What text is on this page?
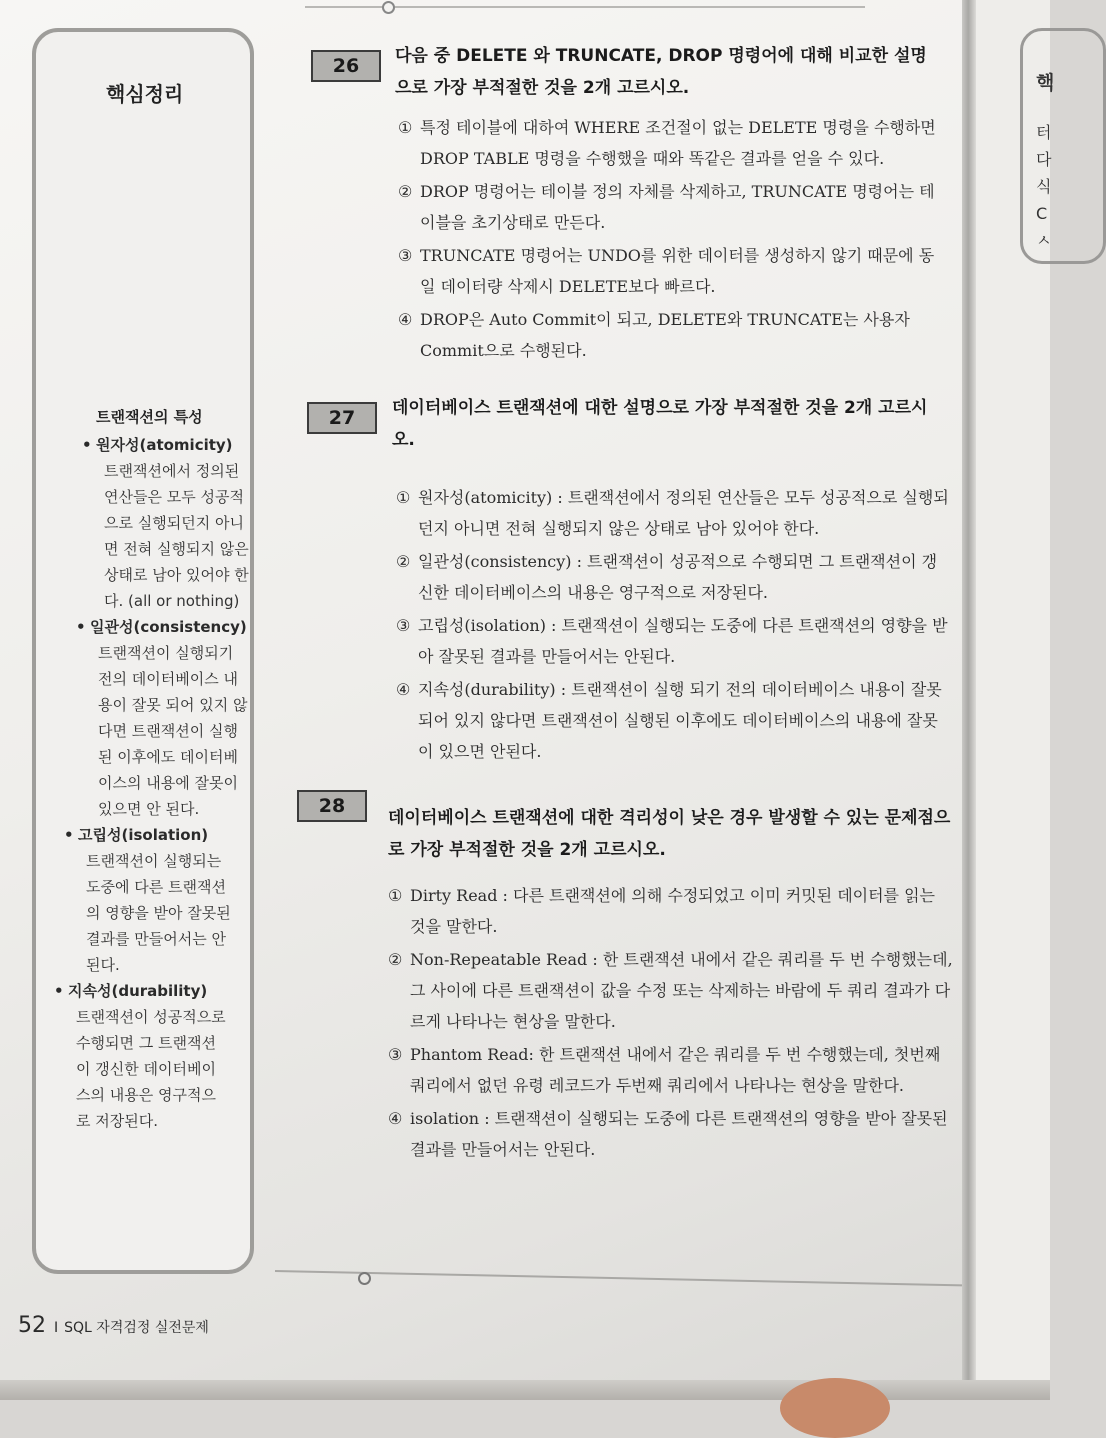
핵심정리
트랜잭션의 특성
• 원자성(atomicity)
트랜잭션에서 정의된 연산들은 모두 성공적으로 실행되던지 아니면 전혀 실행되지 않은 상태로 남아 있어야 한다. (all or nothing)
• 일관성(consistency)
트랜잭션이 실행되기 전의 데이터베이스 내용이 잘못 되어 있지 않다면 트랜잭션이 실행된 이후에도 데이터베이스의 내용에 잘못이 있으면 안 된다.
• 고립성(isolation)
트랜잭션이 실행되는 도중에 다른 트랜잭션의 영향을 받아 잘못된 결과를 만들어서는 안 된다.
• 지속성(durability)
트랜잭션이 성공적으로 수행되면 그 트랜잭션이 갱신한 데이터베이스의 내용은 영구적으로 저장된다.
26	다음 중 DELETE 와 TRUNCATE, DROP 명령어에 대해 비교한 설명으로 가장 부적절한 것을 2개 고르시오.
① 특정 테이블에 대하여 WHERE 조건절이 없는 DELETE 명령을 수행하면 DROP TABLE 명령을 수행했을 때와 똑같은 결과를 얻을 수 있다.
② DROP 명령어는 테이블 정의 자체를 삭제하고, TRUNCATE 명령어는 테이블을 초기상태로 만든다.
③ TRUNCATE 명령어는 UNDO를 위한 데이터를 생성하지 않기 때문에 동일 데이터량 삭제시 DELETE보다 빠르다.
④ DROP은 Auto Commit이 되고, DELETE와 TRUNCATE는 사용자 Commit으로 수행된다.
27	데이터베이스 트랜잭션에 대한 설명으로 가장 부적절한 것을 2개 고르시오.
① 원자성(atomicity) : 트랜잭션에서 정의된 연산들은 모두 성공적으로 실행되던지 아니면 전혀 실행되지 않은 상태로 남아 있어야 한다.
② 일관성(consistency) : 트랜잭션이 성공적으로 수행되면 그 트랜잭션이 갱신한 데이터베이스의 내용은 영구적으로 저장된다.
③ 고립성(isolation) : 트랜잭션이 실행되는 도중에 다른 트랜잭션의 영향을 받아 잘못된 결과를 만들어서는 안된다.
④ 지속성(durability) : 트랜잭션이 실행 되기 전의 데이터베이스 내용이 잘못 되어 있지 않다면 트랜잭션이 실행된 이후에도 데이터베이스의 내용에 잘못이 있으면 안된다.
28
데이터베이스 트랜잭션에 대한 격리성이 낮은 경우 발생할 수 있는 문제점으로 가장 부적절한 것을 2개 고르시오.
① Dirty Read : 다른 트랜잭션에 의해 수정되었고 이미 커밋된 데이터를 읽는 것을 말한다.
② Non-Repeatable Read : 한 트랜잭션 내에서 같은 쿼리를 두 번 수행했는데, 그 사이에 다른 트랜잭션이 값을 수정 또는 삭제하는 바람에 두 쿼리 결과가 다르게 나타나는 현상을 말한다.
③ Phantom Read: 한 트랜잭션 내에서 같은 쿼리를 두 번 수행했는데, 첫번째 쿼리에서 없던 유령 레코드가 두번째 쿼리에서 나타나는 현상을 말한다.
④ isolation : 트랜잭션이 실행되는 도중에 다른 트랜잭션의 영향을 받아 잘못된 결과를 만들어서는 안된다.
52 I SQL 자격검정 실전문제
핵
터
다
식
C
ㅅ
